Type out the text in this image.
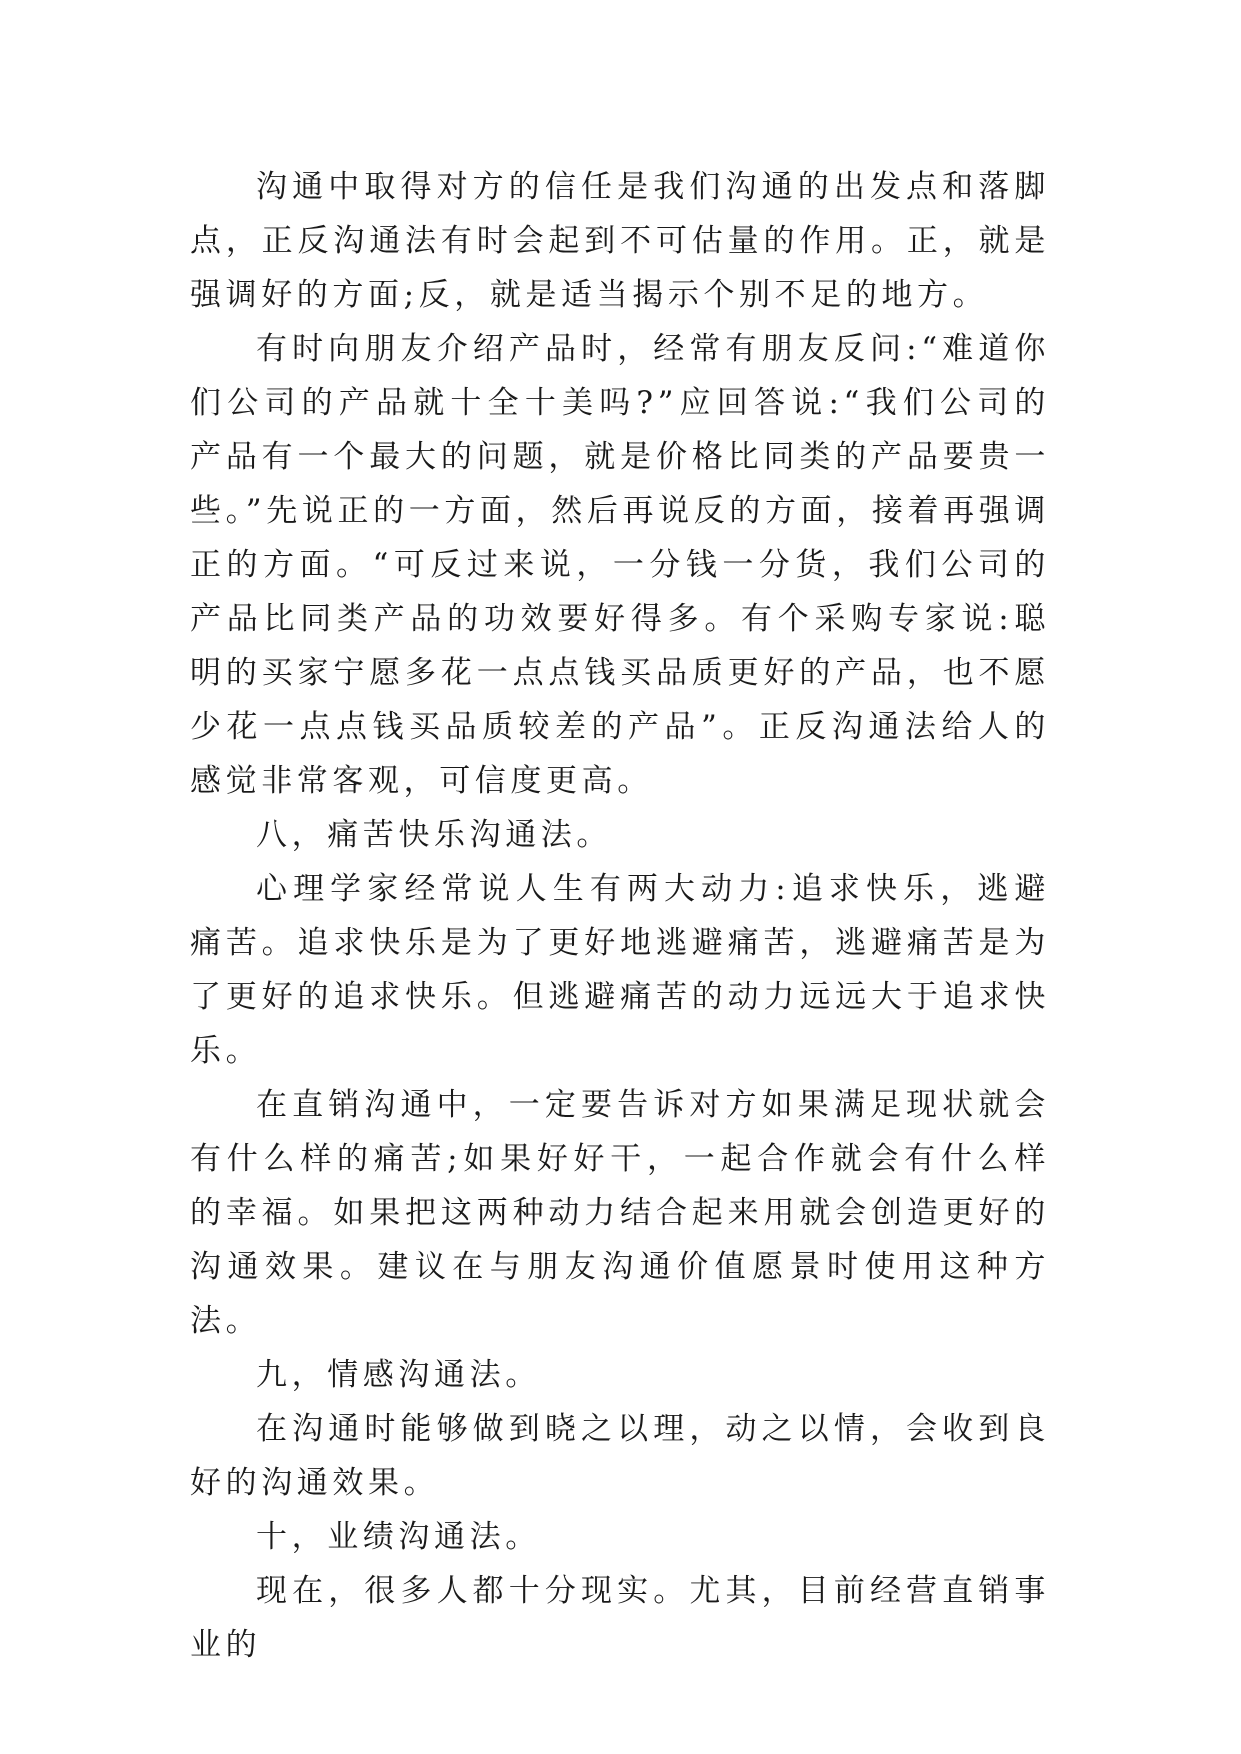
沟通中取得对方的信任是我们沟通的出发点和落脚点，正反沟通法有时会起到不可估量的作用。正，就是强调好的方面;反，就是适当揭示个别不足的地方。

有时向朋友介绍产品时，经常有朋友反问:“难道你们公司的产品就十全十美吗?”应回答说:“我们公司的产品有一个最大的问题，就是价格比同类的产品要贵一些。”先说正的一方面，然后再说反的方面，接着再强调正的方面。“可反过来说，一分钱一分货，我们公司的产品比同类产品的功效要好得多。有个采购专家说:聪明的买家宁愿多花一点点钱买品质更好的产品，也不愿少花一点点钱买品质较差的产品”。正反沟通法给人的感觉非常客观，可信度更高。

八，痛苦快乐沟通法。

心理学家经常说人生有两大动力:追求快乐，逃避痛苦。追求快乐是为了更好地逃避痛苦，逃避痛苦是为了更好的追求快乐。但逃避痛苦的动力远远大于追求快乐。

在直销沟通中，一定要告诉对方如果满足现状就会有什么样的痛苦;如果好好干，一起合作就会有什么样的幸福。如果把这两种动力结合起来用就会创造更好的沟通效果。建议在与朋友沟通价值愿景时使用这种方法。

九，情感沟通法。

在沟通时能够做到晓之以理，动之以情，会收到良好的沟通效果。

十，业绩沟通法。

现在，很多人都十分现实。尤其，目前经营直销事业的
